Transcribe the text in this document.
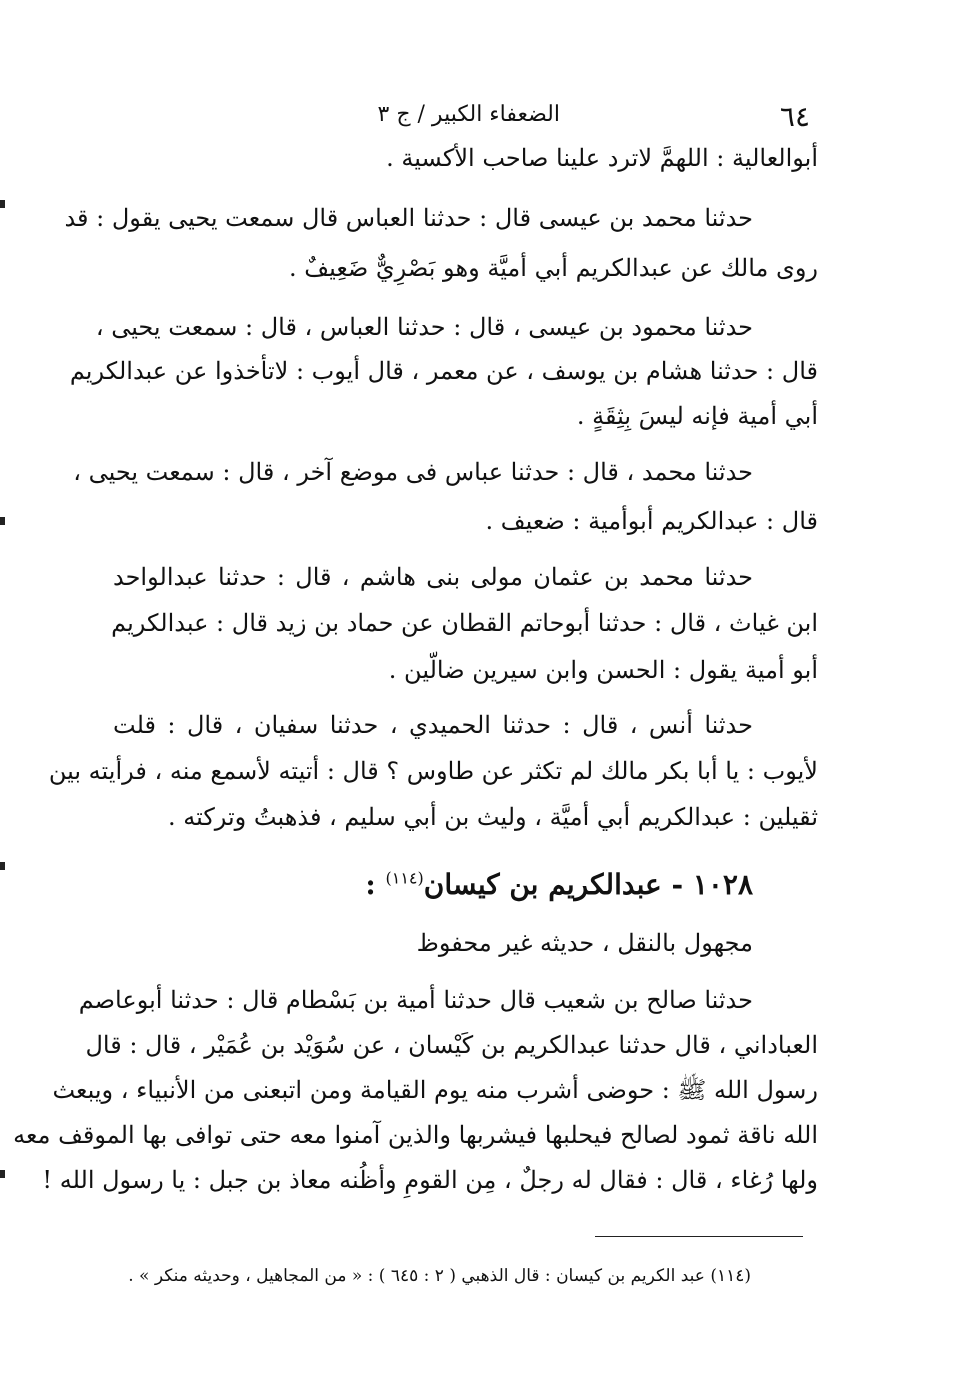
٦٤
الضعفاء الكبير / ج ٣
أبوالعالية : اللهمَّ لاترد علينا صاحب الأكسية .
حدثنا محمد بن عيسى قال : حدثنا العباس قال سمعت يحيى يقول : قد
روى مالك عن عبدالكريم أبي أميَّة وهو بَصْرِيٌّ ضَعِيفٌ .
حدثنا محمود بن عيسى ، قال : حدثنا العباس ، قال : سمعت يحيى ،
قال : حدثنا هشام بن يوسف ، عن معمر ، قال أيوب : لاتأخذوا عن عبدالكريم
أبي أمية فإنه ليسَ بِثِقَةٍ .
حدثنا محمد ، قال : حدثنا عباس فى موضع آخر ، قال : سمعت يحيى ،
قال : عبدالكريم أبوأمية : ضعيف .
حدثنا محمد بن عثمان مولى بنى هاشم ، قال : حدثنا عبدالواحد
ابن غياث ، قال : حدثنا أبوحاتم القطان عن حماد بن زيد قال : عبدالكريم
أبو أمية يقول : الحسن وابن سيرين ضالّين .
حدثنا أنس ، قال : حدثنا الحميدي ، حدثنا سفيان ، قال : قلت
لأيوب : يا أبا بكر مالك لم تكثر عن طاوس ؟ قال : أتيته لأسمع منه ، فرأيته بين
ثقيلين : عبدالكريم أبي أميَّة ، وليث بن أبي سليم ، فذهبتُ وتركته .
١٠٢٨ - عبدالكريم بن كيسان$^{(١١٤)}$ :
مجهول بالنقل ، حديثه غير محفوظ
حدثنا صالح بن شعيب قال حدثنا أمية بن بَسْطام قال : حدثنا أبوعاصم
العباداني ، قال حدثنا عبدالكريم بن كَيْسان ، عن سُوَيْد بن عُمَيْر ، قال : قال
رسول الله ﷺ : حوضى أشرب منه يوم القيامة ومن اتبعنى من الأنبياء ، ويبعث
الله ناقة ثمود لصالح فيحلبها فيشربها والذين آمنوا معه حتى توافى بها الموقف معه
ولها رُغاء ، قال : فقال له رجلٌ ، مِن القومِ وأظُنه معاذ بن جبل : يا رسول الله !
(١١٤) عبد الكريم بن كيسان : قال الذهبي ( ٢ : ٦٤٥ ) : « من المجاهيل ، وحديثه منكر » .
